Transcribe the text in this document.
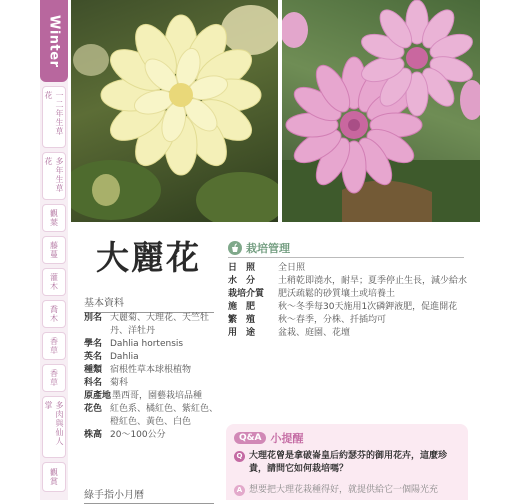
Winter
一二年生草花
多年生草花
觀葉
藤蔓
灌木
喬木
香草
香草
多肉與仙人掌
觀賞
大麗花
基本資料
別名 大麗菊、大理花、天竺牡丹、洋牡丹
學名 Dahlia hortensis
英名 Dahlia
種類 宿根性草本球根植物
科名 菊科
原產地 墨西哥，園藝栽培品種
花色 紅色系、橘紅色、紫紅色、橙紅色、黃色、白色
株高 20～100公分
綠手指小月曆
栽培管理
日　照	全日照
水　分	土稍乾即澆水，耐旱；夏季停止生長，減少給水
栽培介質	肥沃疏鬆的砂質壤土或培養土
施　肥	秋～冬季每30天施用1次磷鉀液肥，促進開花
繁　殖	秋～春季，分株、扦插均可
用　途	盆栽、庭園、花壇
Q&A 小提醒
Q 大理花曾是拿破崙皇后約瑟芬的御用花卉，這麼珍貴，請問它如何栽培嗎？
A 想要把大理花栽種得好，就提供給它一個陽光充
